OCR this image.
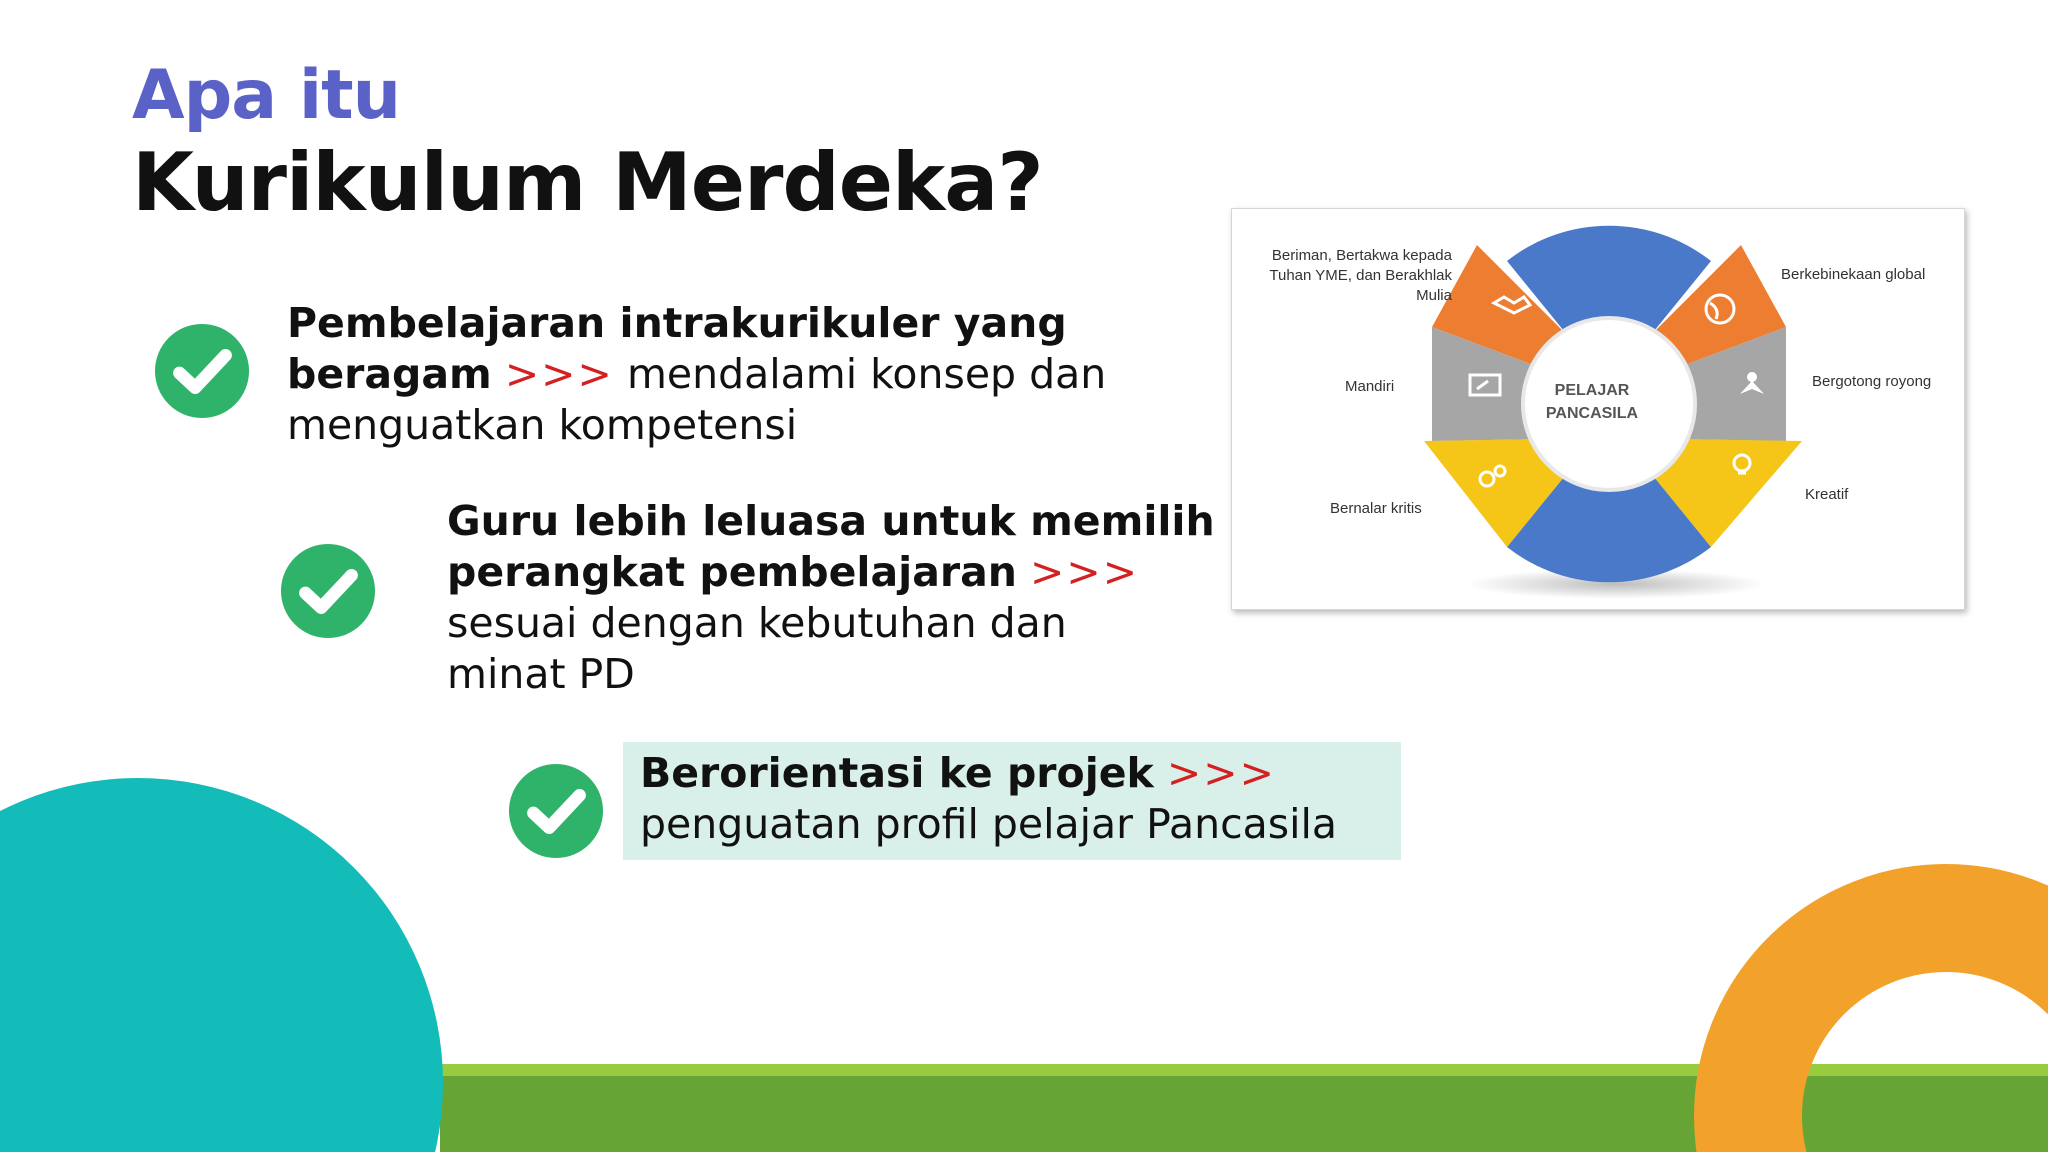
Apa itu
Kurikulum Merdeka?
Pembelajaran intrakurikuler yang
beragam >>> mendalami konsep dan
menguatkan kompetensi
Guru lebih leluasa untuk memilih
perangkat pembelajaran >>>
sesuai dengan kebutuhan dan
minat PD
Berorientasi ke projek >>>
penguatan profil pelajar Pancasila
PELAJAR
PANCASILA
Beriman, Bertakwa kepada
Tuhan YME, dan Berakhlak
Mulia
Berkebinekaan global
Mandiri	Bergotong royong
Bernalar kritis
Kreatif
